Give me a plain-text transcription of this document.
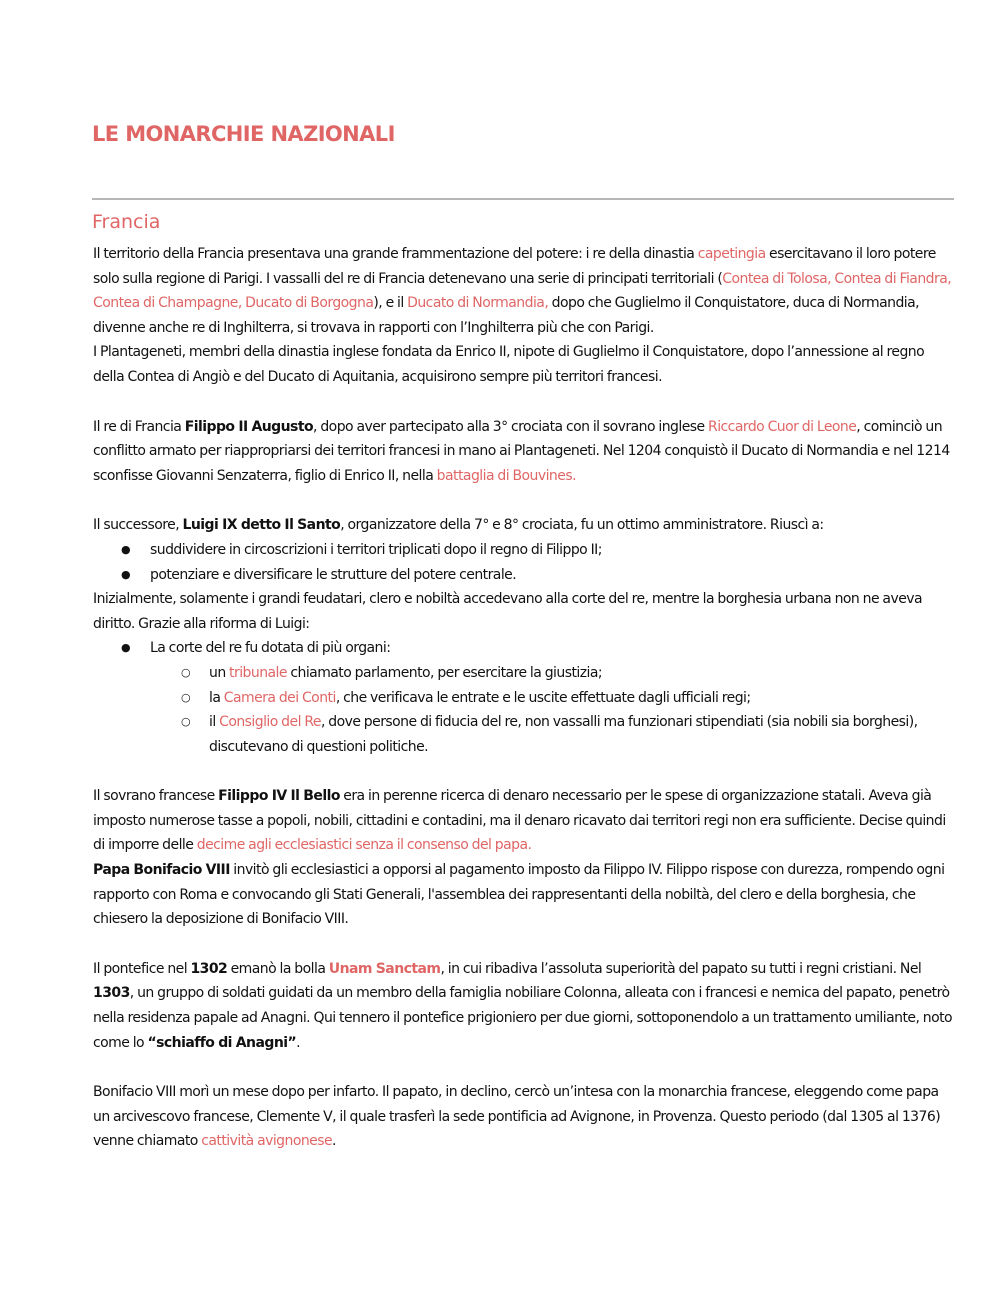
LE MONARCHIE NAZIONALI
Francia

Il territorio della Francia presentava una grande frammentazione del potere: i re della dinastia capetingia esercitavano il loro potere solo sulla regione di Parigi. I vassalli del re di Francia detenevano una serie di principati territoriali (Contea di Tolosa, Contea di Fiandra, Contea di Champagne, Ducato di Borgogna), e il Ducato di Normandia, dopo che Guglielmo il Conquistatore, duca di Normandia, divenne anche re di Inghilterra, si trovava in rapporti con l’Inghilterra più che con Parigi.

I Plantageneti, membri della dinastia inglese fondata da Enrico II, nipote di Guglielmo il Conquistatore, dopo l’annessione al regno della Contea di Angiò e del Ducato di Aquitania, acquisirono sempre più territori francesi.

Il re di Francia Filippo II Augusto, dopo aver partecipato alla 3° crociata con il sovrano inglese Riccardo Cuor di Leone, cominciò un conflitto armato per riappropriarsi dei territori francesi in mano ai Plantageneti. Nel 1204 conquistò il Ducato di Normandia e nel 1214 sconfisse Giovanni Senzaterra, figlio di Enrico II, nella battaglia di Bouvines.

Il successore, Luigi IX detto Il Santo, organizzatore della 7° e 8° crociata, fu un ottimo amministratore. Riuscì a:

● suddividere in circoscrizioni i territori triplicati dopo il regno di Filippo II;
● potenziare e diversificare le strutture del potere centrale.

Inizialmente, solamente i grandi feudatari, clero e nobiltà accedevano alla corte del re, mentre la borghesia urbana non ne aveva diritto. Grazie alla riforma di Luigi:

● La corte del re fu dotata di più organi:
○ un tribunale chiamato parlamento, per esercitare la giustizia;
○ la Camera dei Conti, che verificava le entrate e le uscite effettuate dagli ufficiali regi;
○ il Consiglio del Re, dove persone di fiducia del re, non vassalli ma funzionari stipendiati (sia nobili sia borghesi), discutevano di questioni politiche.

Il sovrano francese Filippo IV Il Bello era in perenne ricerca di denaro necessario per le spese di organizzazione statali. Aveva già imposto numerose tasse a popoli, nobili, cittadini e contadini, ma il denaro ricavato dai territori regi non era sufficiente. Decise quindi di imporre delle decime agli ecclesiastici senza il consenso del papa.

Papa Bonifacio VIII invitò gli ecclesiastici a opporsi al pagamento imposto da Filippo IV. Filippo rispose con durezza, rompendo ogni rapporto con Roma e convocando gli Stati Generali, l'assemblea dei rappresentanti della nobiltà, del clero e della borghesia, che chiesero la deposizione di Bonifacio VIII.

Il pontefice nel 1302 emanò la bolla Unam Sanctam, in cui ribadiva l’assoluta superiorità del papato su tutti i regni cristiani. Nel 1303, un gruppo di soldati guidati da un membro della famiglia nobiliare Colonna, alleata con i francesi e nemica del papato, penetrò nella residenza papale ad Anagni. Qui tennero il pontefice prigioniero per due giorni, sottoponendolo a un trattamento umiliante, noto come lo “schiaffo di Anagni”.

Bonifacio VIII morì un mese dopo per infarto. Il papato, in declino, cercò un’intesa con la monarchia francese, eleggendo come papa un arcivescovo francese, Clemente V, il quale trasferì la sede pontificia ad Avignone, in Provenza. Questo periodo (dal 1305 al 1376) venne chiamato cattività avignonese.
